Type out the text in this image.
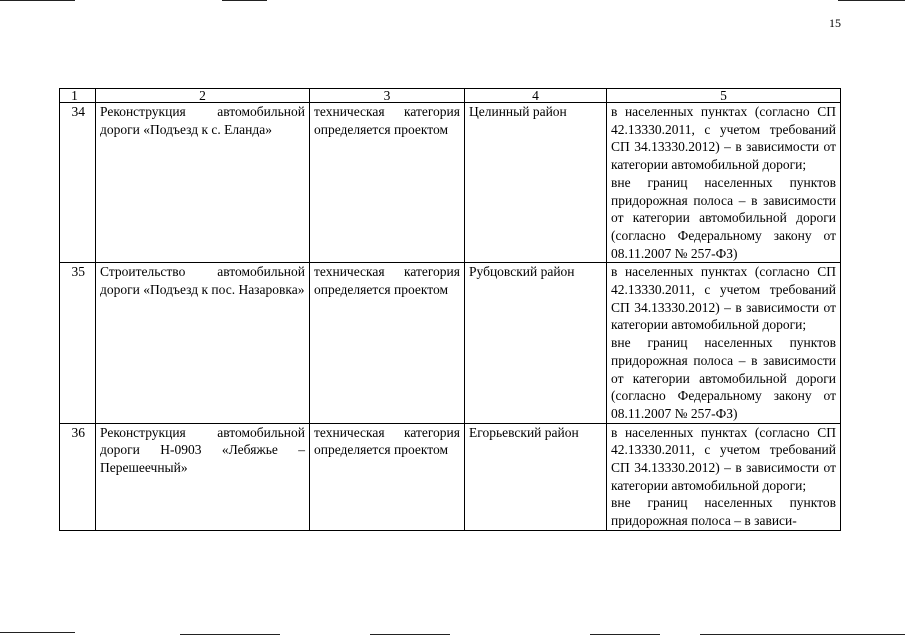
15
1	2	3	4	5
34	Реконструкция автомобильной дороги «Подъезд к с. Еланда»	техническая категория определяется проектом	Целинный район	в населенных пунктах (согласно СП 42.13330.2011, с учетом требований СП 34.13330.2012) – в зависимости от категории автомобильной дороги;
вне границ населенных пунктов придорожная полоса – в зависимости от категории автомобильной дороги (согласно Федеральному закону от 08.11.2007 № 257-ФЗ)
35	Строительство автомобильной дороги «Подъезд к пос. Назаровка»	техническая категория определяется проектом	Рубцовский район	в населенных пунктах (согласно СП 42.13330.2011, с учетом требований СП 34.13330.2012) – в зависимости от категории автомобильной дороги;
вне границ населенных пунктов придорожная полоса – в зависимости от категории автомобильной дороги (согласно Федеральному закону от 08.11.2007 № 257-ФЗ)
36	Реконструкция автомобильной дороги Н-0903 «Лебяжье – Перешеечный»	техническая категория определяется проектом	Егорьевский район	в населенных пунктах (согласно СП 42.13330.2011, с учетом требований СП 34.13330.2012) – в зависимости от категории автомобильной дороги;
вне границ населенных пунктов придорожная полоса – в зависи-
